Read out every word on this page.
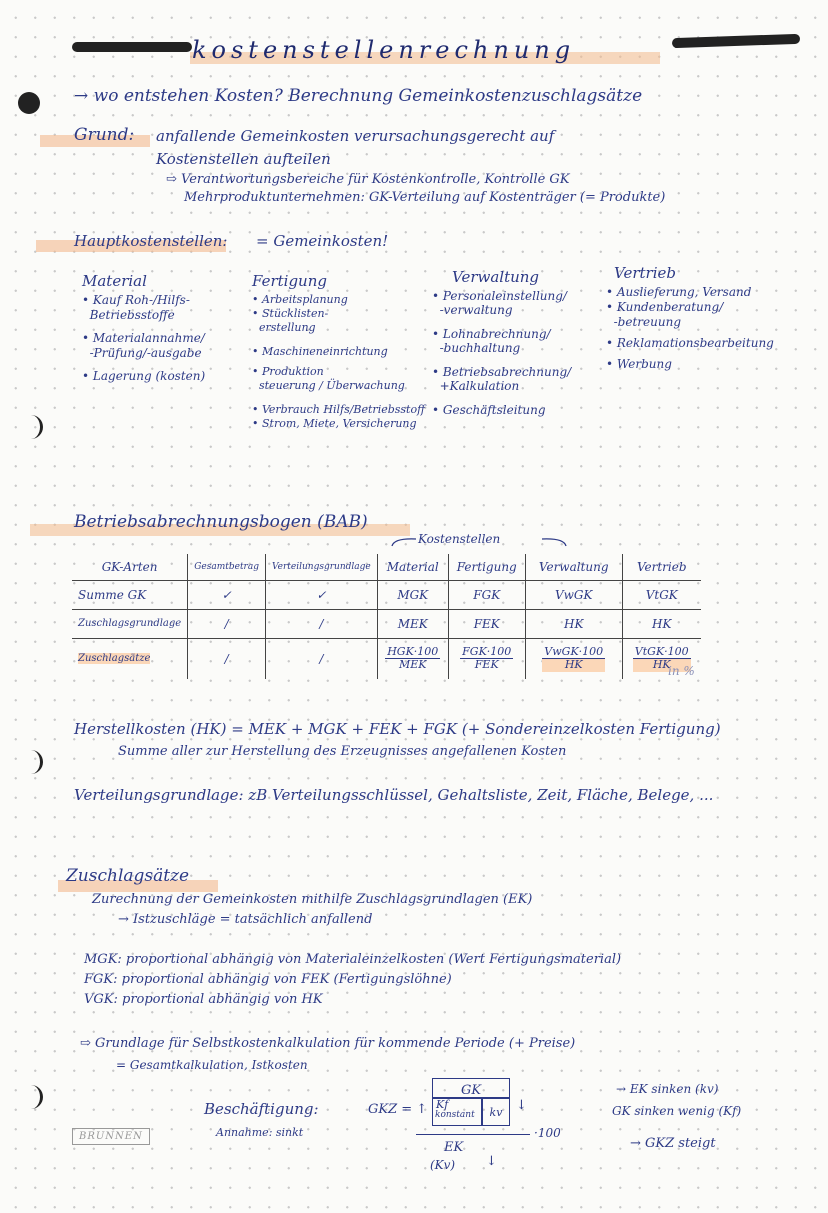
kostenstellenrechnung
→ wo entstehen Kosten? Berechnung Gemeinkostenzuschlagsätze
Grund: anfallende Gemeinkosten verursachungsgerecht auf
Kostenstellen aufteilen
⇨ Verantwortungsbereiche für Kostenkontrolle, Kontrolle GK
Mehrproduktunternehmen: GK-Verteilung auf Kostenträger (= Produkte)
Hauptkostenstellen: = Gemeinkosten!
Material
• Kauf Roh-/Hilfs-
Betriebsstoffe
• Materialannahme/
-Prüfung/-ausgabe
• Lagerung (kosten)
Fertigung
• Arbeitsplanung
• Stücklisten-
erstellung
• Maschineneinrichtung
• Produktion
steuerung / Überwachung
• Verbrauch Hilfs/Betriebsstoff
• Strom, Miete, Versicherung
Verwaltung
• Personaleinstellung/
-verwaltung
• Lohnabrechnung/
-buchhaltung
• Betriebsabrechnung/
+Kalkulation
• Geschäftsleitung
Vertrieb
• Auslieferung, Versand
• Kundenberatung/
-betreuung
• Reklamationsbearbeitung
• Werbung
Betriebsabrechnungsbogen (BAB)
Kostenstellen
GK-Arten	Gesamtbetrag	Verteilungsgrundlage	Material	Fertigung	Verwaltung	Vertrieb
Summe GK	✓	✓	MGK	FGK	VwGK	VtGK
Zuschlagsgrundlage	/	/	MEK	FEK	HK	HK
Zuschlagsätze	/	/	$\frac{\text{HGK·100}}{\text{MEK}}$	$\frac{\text{FGK·100}}{\text{FEK}}$	$\frac{\text{VwGK·100}}{HK}$	$\frac{\text{VtGK·100}}{HK}$
in %
Herstellkosten (HK) = MEK + MGK + FEK + FGK (+ Sondereinzelkosten Fertigung)
Summe aller zur Herstellung des Erzeugnisses angefallenen Kosten
Verteilungsgrundlage: zB Verteilungsschlüssel, Gehaltsliste, Zeit, Fläche, Belege, ...
Zuschlagsätze
Zurechnung der Gemeinkosten mithilfe Zuschlagsgrundlagen (EK)
→ Istzuschläge = tatsächlich anfallend
MGK: proportional abhängig von Materialeinzelkosten (Wert Fertigungsmaterial)
FGK: proportional abhängig von FEK (Fertigungslöhne)
VGK: proportional abhängig von HK
⇨ Grundlage für Selbstkostenkalkulation für kommende Periode (+ Preise)
= Gesamtkalkulation, Istkosten
Beschäftigung:
Annahme: sinkt
GKZ = ↑
GK
Kf
konstant	kv	↓
·100
EK
(Kv) ↓
→ EK sinken (kv)
GK sinken wenig (Kf)
→ GKZ steigt
BRUNNEN
